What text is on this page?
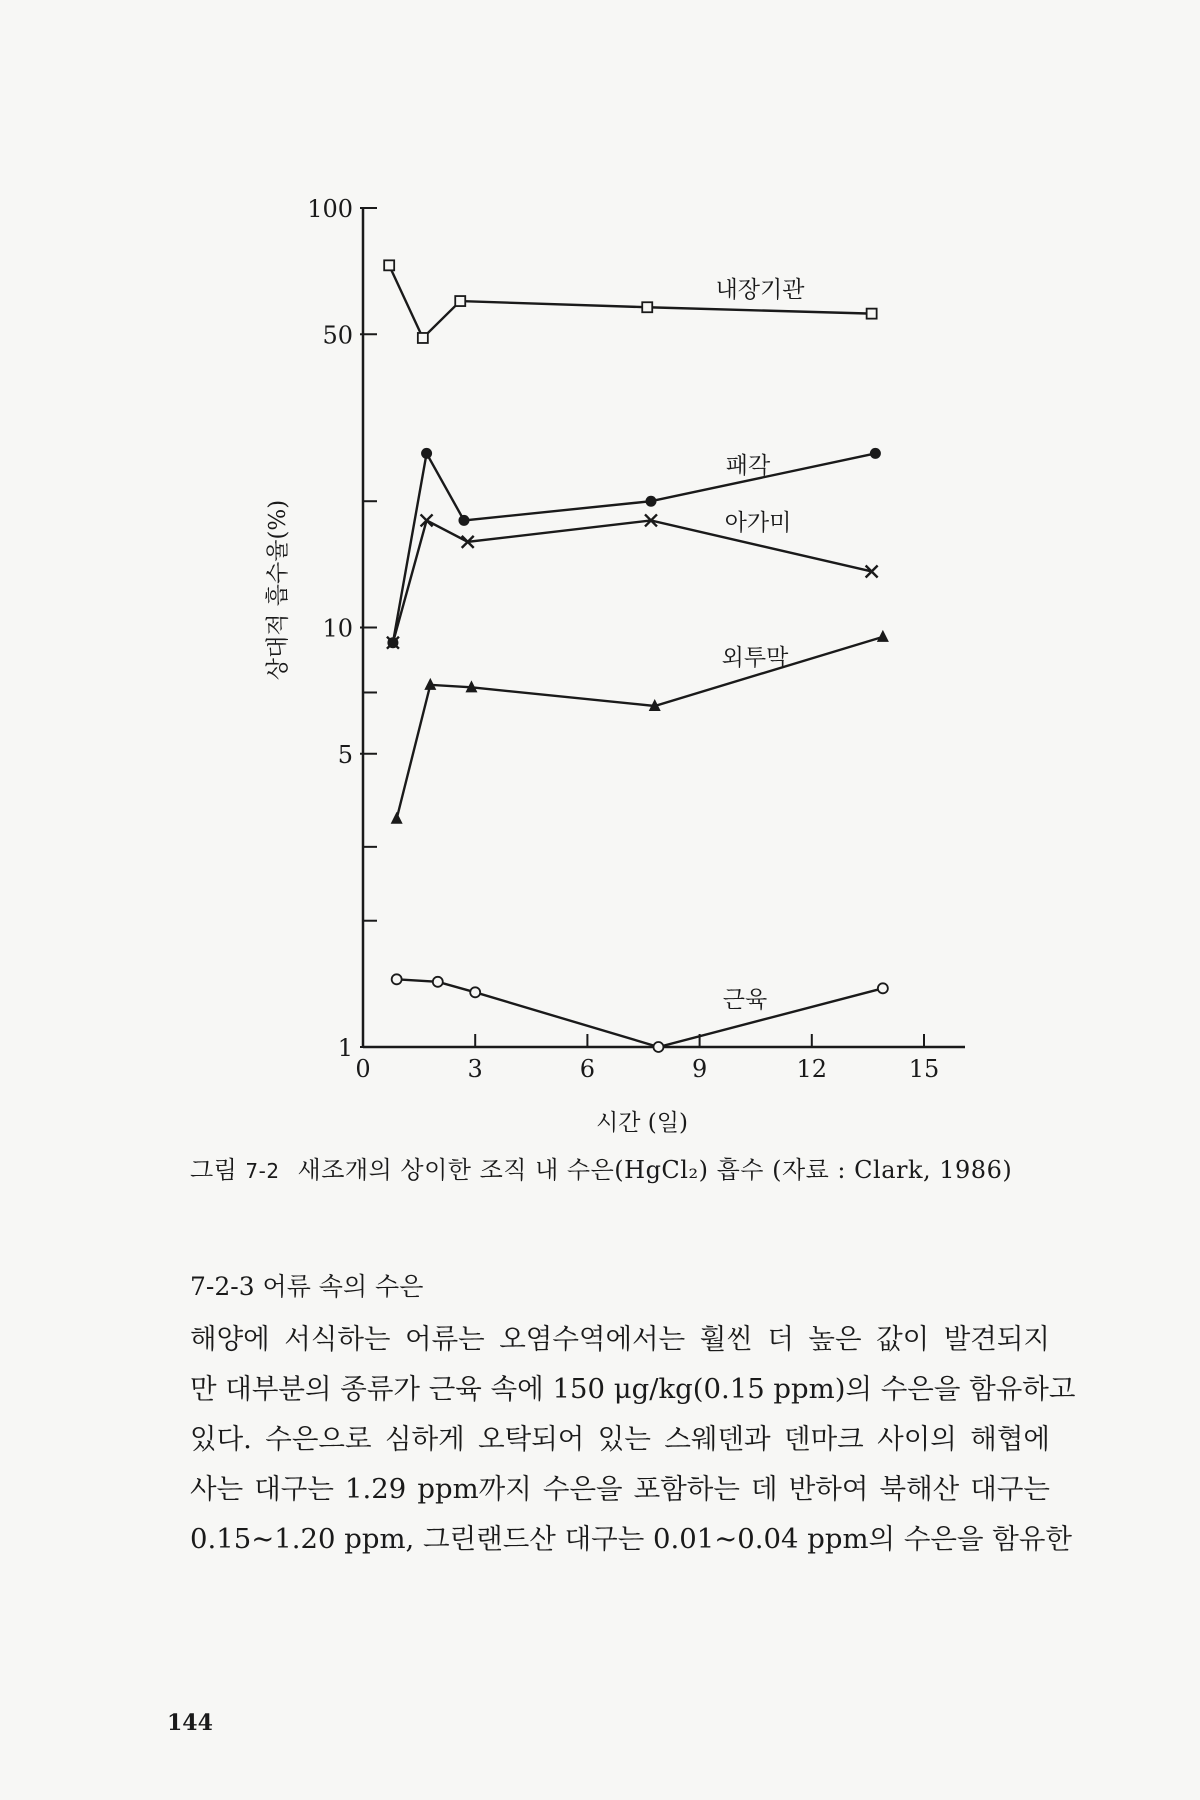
100
50
10
5
1
0	3	6	9	12	15
시간 (일)
상대적 흡수율(%)
내장기관
패각
아가미
외투막
근육
그림 7-2 새조개의 상이한 조직 내 수은(HgCl₂) 흡수 (자료 : Clark, 1986)
7-2-3 어류 속의 수은
해양에 서식하는 어류는 오염수역에서는 훨씬 더 높은 값이 발견되지
만 대부분의 종류가 근육 속에 150 μg/kg(0.15 ppm)의 수은을 함유하고
있다. 수은으로 심하게 오탁되어 있는 스웨덴과 덴마크 사이의 해협에
사는 대구는 1.29 ppm까지 수은을 포함하는 데 반하여 북해산 대구는
0.15∼1.20 ppm, 그린랜드산 대구는 0.01∼0.04 ppm의 수은을 함유한
144
